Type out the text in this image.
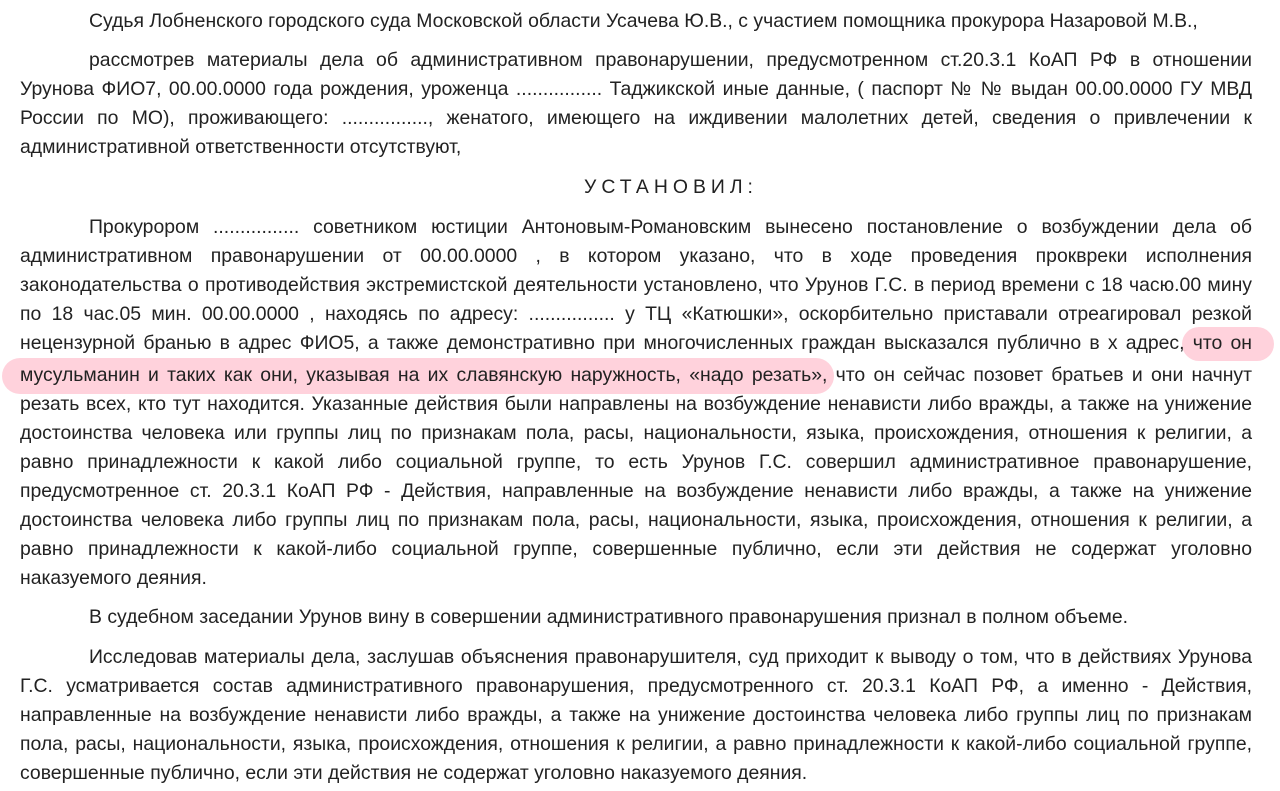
Судья Лобненского городского суда Московской области Усачева Ю.В., с участием помощника прокурора Назаровой М.В.,
рассмотрев материалы дела об административном правонарушении, предусмотренном ст.20.3.1 КоАП РФ в отношении
Урунова ФИО7, 00.00.0000 года рождения, уроженца ................ Таджикской иные данные, ( паспорт № № выдан 00.00.0000 ГУ МВД
России по МО), проживающего: ................, женатого, имеющего на иждивении малолетних детей, сведения о привлечении к
административной ответственности отсутствуют,
УСТАНОВИЛ:
Прокурором ................ советником юстиции Антоновым-Романовским вынесено постановление о возбуждении дела об
административном правонарушении от 00.00.0000 , в котором указано, что в ходе проведения прокврeки исполнения
законодательства о противодействия экстремистской деятельности установлено, что Урунов Г.С. в период времени с 18 часю.00 мину
по 18 час.05 мин. 00.00.0000 , находясь по адресу: ................ у ТЦ «Катюшки», оскорбительно приставали отреагировал резкой
нецензурной бранью в адрес ФИО5, а также демонстративно при многочисленных граждан высказался публично в х адрес, что он
мусульманин и таких как они, указывая на их славянскую наружность, «надо резать», что он сейчас позовет братьев и они начнут
резать всех, кто тут находится. Указанные действия были направлены на возбуждение ненависти либо вражды, а также на унижение
достоинства человека или группы лиц по признакам пола, расы, национальности, языка, происхождения, отношения к религии, а
равно принадлежности к какой либо социальной группе, то есть Урунов Г.С. совершил административное правонарушение,
предусмотренное ст. 20.3.1 КоАП РФ - Действия, направленные на возбуждение ненависти либо вражды, а также на унижение
достоинства человека либо группы лиц по признакам пола, расы, национальности, языка, происхождения, отношения к религии, а
равно принадлежности к какой-либо социальной группе, совершенные публично, если эти действия не содержат уголовно
наказуемого деяния.
В судебном заседании Урунов вину в совершении административного правонарушения признал в полном объеме.
Исследовав материалы дела, заслушав объяснения правонарушителя, суд приходит к выводу о том, что в действиях Урунова
Г.С. усматривается состав административного правонарушения, предусмотренного ст. 20.3.1 КоАП РФ, а именно - Действия,
направленные на возбуждение ненависти либо вражды, а также на унижение достоинства человека либо группы лиц по признакам
пола, расы, национальности, языка, происхождения, отношения к религии, а равно принадлежности к какой-либо социальной группе,
совершенные публично, если эти действия не содержат уголовно наказуемого деяния.
